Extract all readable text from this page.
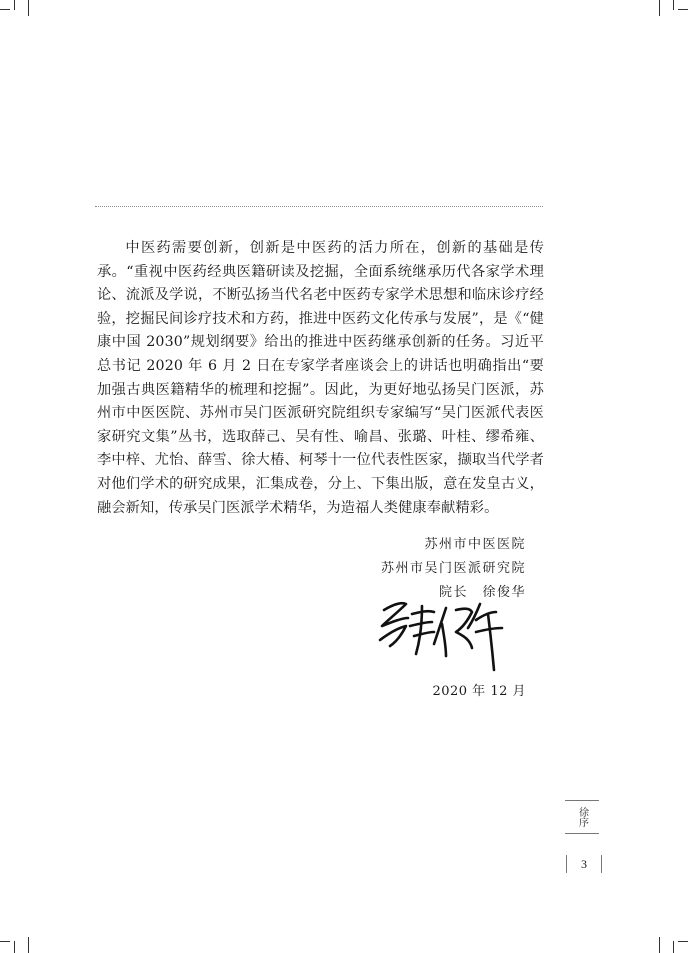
中医药需要创新，创新是中医药的活力所在，创新的基础是传承。“重视中医药经典医籍研读及挖掘，全面系统继承历代各家学术理论、流派及学说，不断弘扬当代名老中医药专家学术思想和临床诊疗经验，挖掘民间诊疗技术和方药，推进中医药文化传承与发展”，是《“健康中国 2030”规划纲要》给出的推进中医药继承创新的任务。习近平总书记 2020 年 6 月 2 日在专家学者座谈会上的讲话也明确指出“要加强古典医籍精华的梳理和挖掘”。因此，为更好地弘扬吴门医派，苏州市中医医院、苏州市吴门医派研究院组织专家编写“吴门医派代表医家研究文集”丛书，选取薛己、吴有性、喻昌、张璐、叶桂、缪希雍、李中梓、尤怡、薛雪、徐大椿、柯琴十一位代表性医家，撷取当代学者对他们学术的研究成果，汇集成卷，分上、下集出版，意在发皇古义，融会新知，传承吴门医派学术精华，为造福人类健康奉献精彩。

苏州市中医医院

苏州市吴门医派研究院

院长　徐俊华

2020 年 12 月

徐序
3
